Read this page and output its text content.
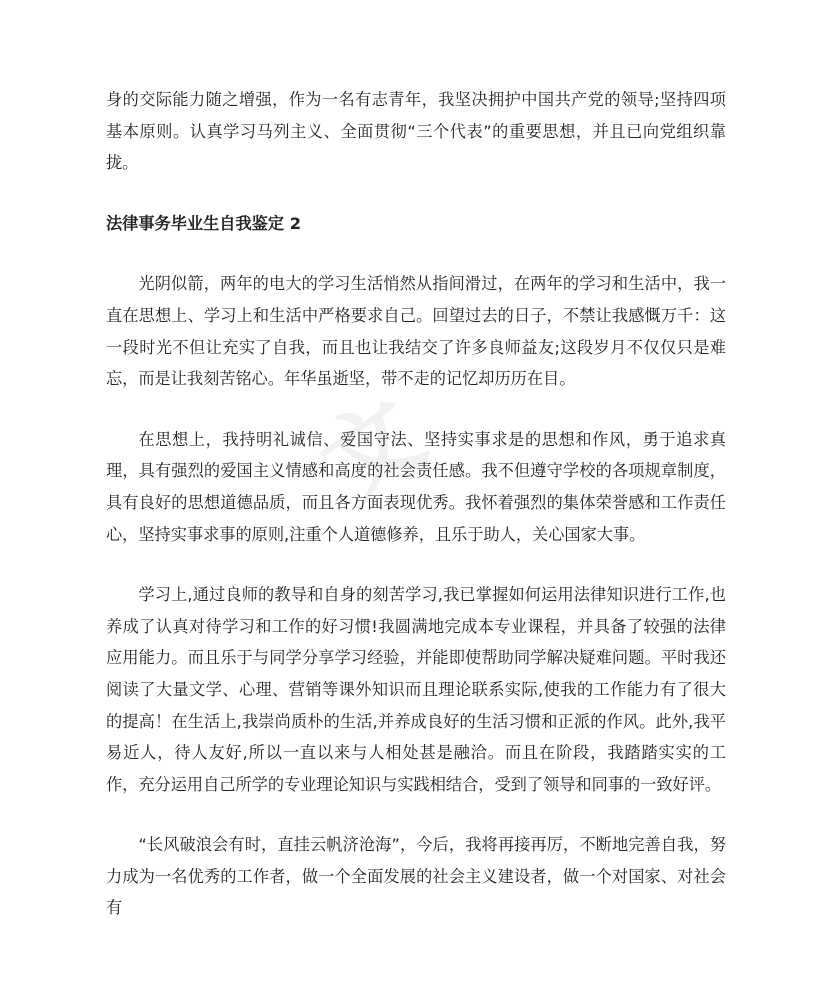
文

身的交际能力随之增强，作为一名有志青年，我坚决拥护中国共产党的领导;坚持四项基本原则。认真学习马列主义、全面贯彻“三个代表”的重要思想，并且已向党组织靠拢。

法律事务毕业生自我鉴定 2

光阴似箭，两年的电大的学习生活悄然从指间滑过，在两年的学习和生活中，我一直在思想上、学习上和生活中严格要求自己。回望过去的日子，不禁让我感慨万千：这一段时光不但让充实了自我，而且也让我结交了许多良师益友;这段岁月不仅仅只是难忘，而是让我刻苦铭心。年华虽逝坚，带不走的记忆却历历在目。

在思想上，我持明礼诚信、爱国守法、坚持实事求是的思想和作风，勇于追求真理，具有强烈的爱国主义情感和高度的社会责任感。我不但遵守学校的各项规章制度，具有良好的思想道德品质，而且各方面表现优秀。我怀着强烈的集体荣誉感和工作责任心，坚持实事求事的原则,注重个人道德修养，且乐于助人，关心国家大事。

学习上,通过良师的教导和自身的刻苦学习,我已掌握如何运用法律知识进行工作,也养成了认真对待学习和工作的好习惯!我圆满地完成本专业课程，并具备了较强的法律应用能力。而且乐于与同学分享学习经验，并能即使帮助同学解决疑难问题。平时我还阅读了大量文学、心理、营销等课外知识而且理论联系实际,使我的工作能力有了很大的提高！在生活上,我崇尚质朴的生活,并养成良好的生活习惯和正派的作风。此外,我平易近人，待人友好,所以一直以来与人相处甚是融洽。而且在阶段，我踏踏实实的工作，充分运用自己所学的专业理论知识与实践相结合，受到了领导和同事的一致好评。

“长风破浪会有时，直挂云帆济沧海”，今后，我将再接再厉，不断地完善自我，努力成为一名优秀的工作者，做一个全面发展的社会主义建设者，做一个对国家、对社会有
